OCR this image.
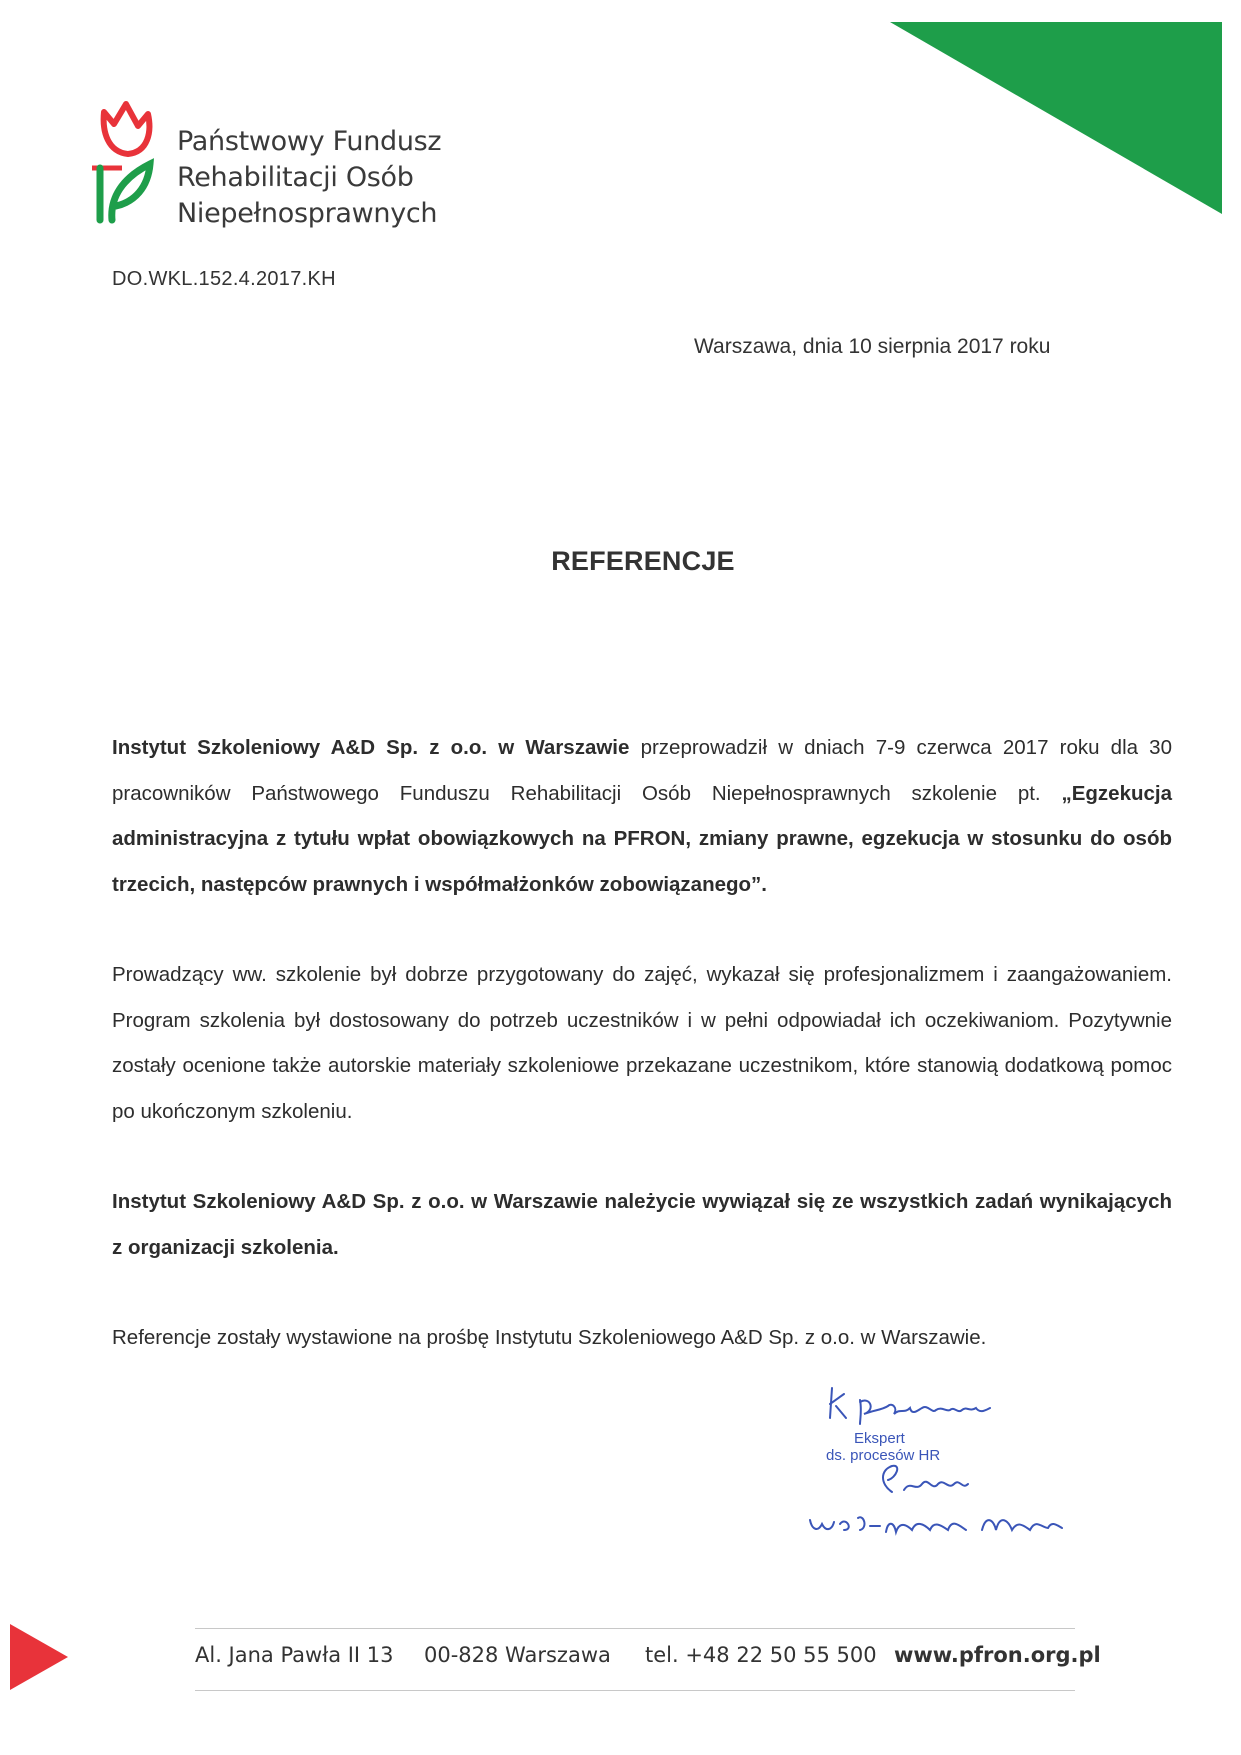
Państwowy Fundusz
Rehabilitacji Osób
Niepełnosprawnych
DO.WKL.152.4.2017.KH
Warszawa, dnia 10 sierpnia 2017 roku
REFERENCJE
Instytut Szkoleniowy A&D Sp. z o.o. w Warszawie przeprowadził w dniach 7-9 czerwca 2017 roku dla 30 pracowników Państwowego Funduszu Rehabilitacji Osób Niepełnosprawnych szkolenie pt. „Egzekucja administracyjna z tytułu wpłat obowiązkowych na PFRON, zmiany prawne, egzekucja w stosunku do osób trzecich, następców prawnych i współmałżonków zobowiązanego”.
Prowadzący ww. szkolenie był dobrze przygotowany do zajęć, wykazał się profesjonalizmem i zaangażowaniem. Program szkolenia był dostosowany do potrzeb uczestników i w pełni odpowiadał ich oczekiwaniom. Pozytywnie zostały ocenione także autorskie materiały szkoleniowe przekazane uczestnikom, które stanowią dodatkową pomoc po ukończonym szkoleniu.
Instytut Szkoleniowy A&D Sp. z o.o. w Warszawie należycie wywiązał się ze wszystkich zadań wynikających z organizacji szkolenia.
Referencje zostały wystawione na prośbę Instytutu Szkoleniowego A&D Sp. z o.o. w Warszawie.
Ekspert
ds. procesów HR
Al. Jana Pawła II 13 00-828 Warszawa tel. +48 22 50 55 500 www.pfron.org.pl
